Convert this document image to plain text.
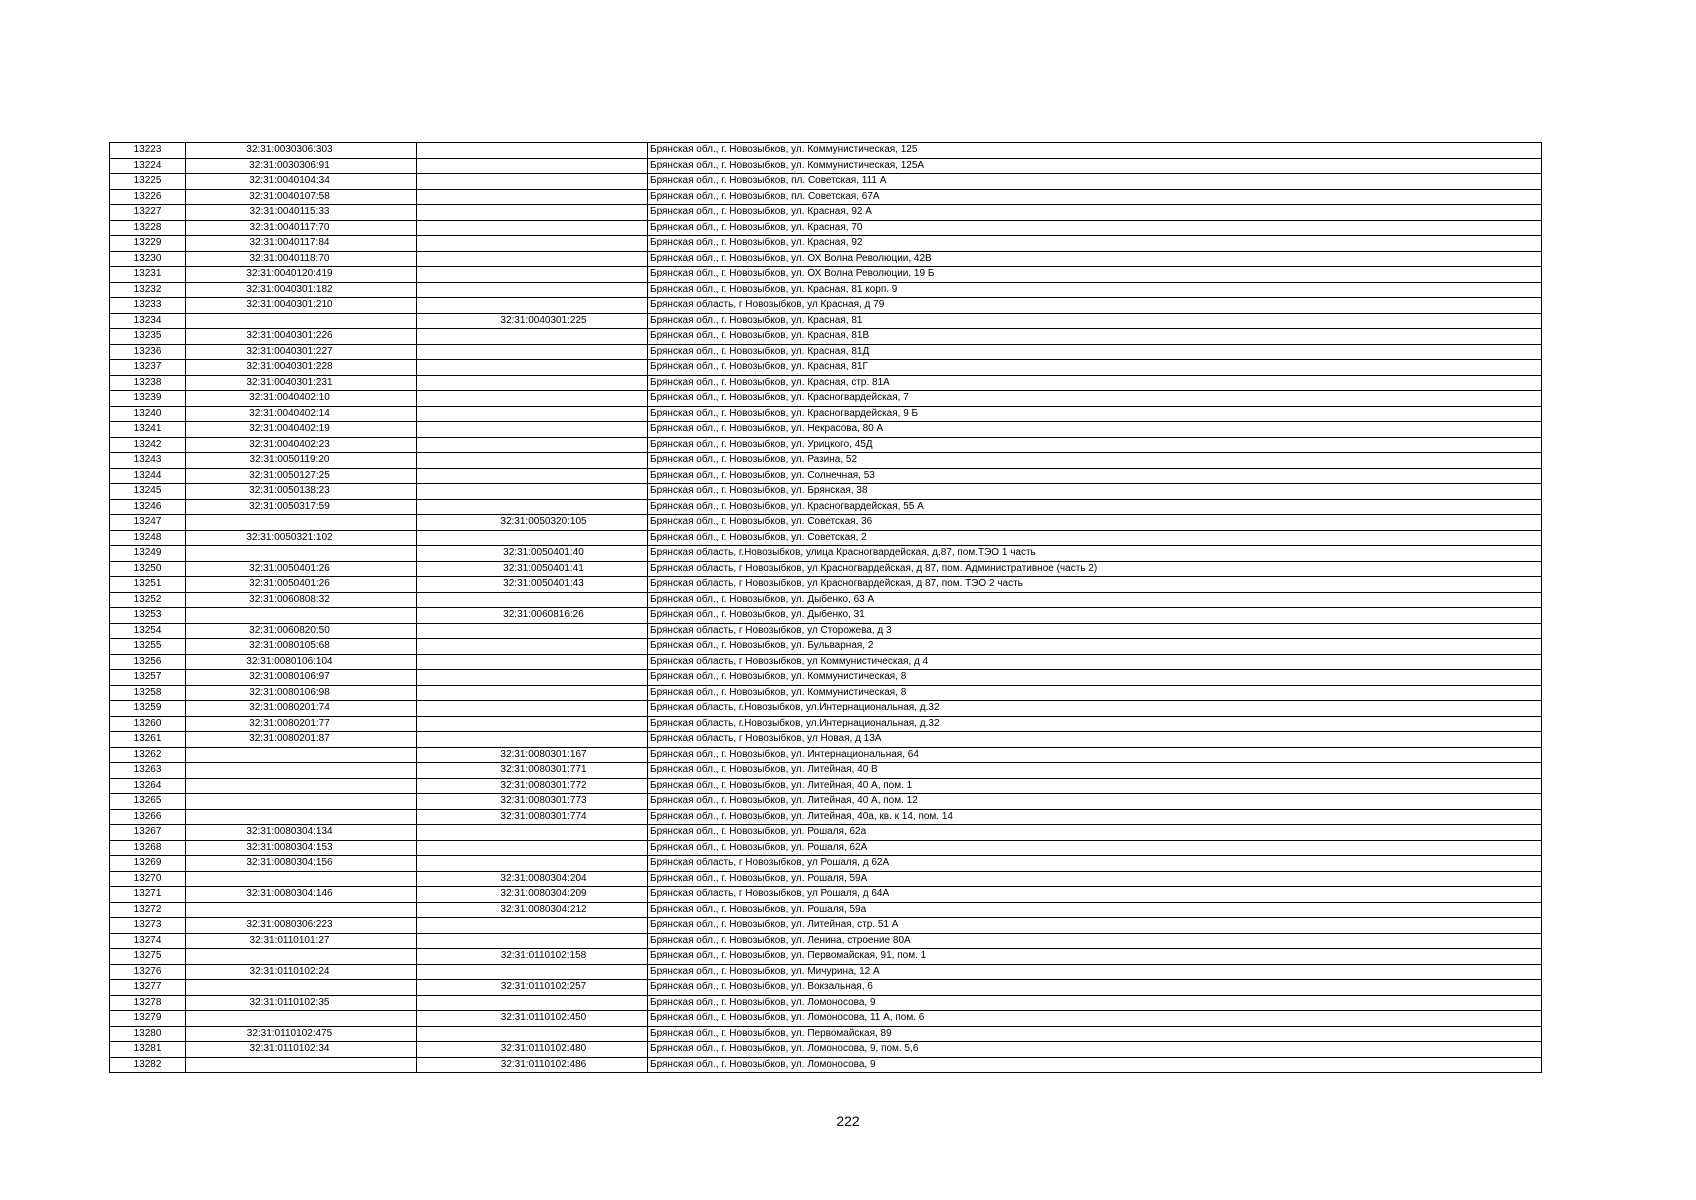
13223	32:31:0030306:303		Брянская обл., г. Новозыбков, ул. Коммунистическая, 125
13224	32:31:0030306:91		Брянская обл., г. Новозыбков, ул. Коммунистическая, 125А
13225	32:31:0040104:34		Брянская обл., г. Новозыбков, пл. Советская, 111 А
13226	32:31:0040107:58		Брянская обл., г. Новозыбков, пл. Советская, 67А
13227	32:31:0040115:33		Брянская обл., г. Новозыбков, ул. Красная, 92 А
13228	32:31:0040117:70		Брянская обл., г. Новозыбков, ул. Красная, 70
13229	32:31:0040117:84		Брянская обл., г. Новозыбков, ул. Красная, 92
13230	32:31:0040118:70		Брянская обл., г. Новозыбков, ул. ОХ Волна Революции, 42В
13231	32:31:0040120:419		Брянская обл., г. Новозыбков, ул. ОХ Волна Революции, 19 Б
13232	32:31:0040301:182		Брянская обл., г. Новозыбков, ул. Красная, 81 корп. 9
13233	32:31:0040301:210		Брянская область, г Новозыбков, ул Красная, д 79
13234		32:31:0040301:225	Брянская обл., г. Новозыбков, ул. Красная, 81
13235	32:31:0040301:226		Брянская обл., г. Новозыбков, ул. Красная, 81В
13236	32:31:0040301:227		Брянская обл., г. Новозыбков, ул. Красная, 81Д
13237	32:31:0040301:228		Брянская обл., г. Новозыбков, ул. Красная, 81Г
13238	32:31:0040301:231		Брянская обл., г. Новозыбков, ул. Красная, стр. 81А
13239	32:31:0040402:10		Брянская обл., г. Новозыбков, ул. Красногвардейская, 7
13240	32:31:0040402:14		Брянская обл., г. Новозыбков, ул. Красногвардейская, 9 Б
13241	32:31:0040402:19		Брянская обл., г. Новозыбков, ул. Некрасова, 80 А
13242	32:31:0040402:23		Брянская обл., г. Новозыбков, ул. Урицкого, 45Д
13243	32:31:0050119:20		Брянская обл., г. Новозыбков, ул. Разина, 52
13244	32:31:0050127:25		Брянская обл., г. Новозыбков, ул. Солнечная, 53
13245	32:31:0050138:23		Брянская обл., г. Новозыбков, ул. Брянская, 38
13246	32:31:0050317:59		Брянская обл., г. Новозыбков, ул. Красногвардейская, 55 А
13247		32:31:0050320:105	Брянская обл., г. Новозыбков, ул. Советская, 36
13248	32:31:0050321:102		Брянская обл., г. Новозыбков, ул. Советская, 2
13249		32:31:0050401:40	Брянская область, г.Новозыбков, улица Красногвардейская, д.87, пом.ТЭО 1 часть
13250	32:31:0050401:26	32:31:0050401:41	Брянская область, г Новозыбков, ул Красногвардейская, д 87, пом. Административное (часть 2)
13251	32:31:0050401:26	32:31:0050401:43	Брянская область, г Новозыбков, ул Красногвардейская, д 87, пом. ТЭО 2 часть
13252	32:31:0060808:32		Брянская обл., г. Новозыбков, ул. Дыбенко, 63 А
13253		32:31:0060816:26	Брянская обл., г. Новозыбков, ул. Дыбенко, 31
13254	32:31:0060820:50		Брянская область, г Новозыбков, ул Сторожева, д 3
13255	32:31:0080105:68		Брянская обл., г. Новозыбков, ул. Бульварная, 2
13256	32:31:0080106:104		Брянская область, г Новозыбков, ул Коммунистическая, д 4
13257	32:31:0080106:97		Брянская обл., г. Новозыбков, ул. Коммунистическая, 8
13258	32:31:0080106:98		Брянская обл., г. Новозыбков, ул. Коммунистическая, 8
13259	32:31:0080201:74		Брянская область, г.Новозыбков, ул.Интернациональная, д.32
13260	32:31:0080201:77		Брянская область, г.Новозыбков, ул.Интернациональная, д.32
13261	32:31:0080201:87		Брянская область, г Новозыбков, ул Новая, д 13А
13262		32:31:0080301:167	Брянская обл., г. Новозыбков, ул. Интернациональная, 64
13263		32:31:0080301:771	Брянская обл., г. Новозыбков, ул. Литейная, 40 В
13264		32:31:0080301:772	Брянская обл., г. Новозыбков, ул. Литейная, 40 А, пом. 1
13265		32:31:0080301:773	Брянская обл., г. Новозыбков, ул. Литейная, 40 А, пом. 12
13266		32:31:0080301:774	Брянская обл., г. Новозыбков, ул. Литейная, 40а, кв. к 14, пом. 14
13267	32:31:0080304:134		Брянская обл., г. Новозыбков, ул. Рошаля, 62а
13268	32:31:0080304:153		Брянская обл., г. Новозыбков, ул. Рошаля, 62А
13269	32:31:0080304:156		Брянская область, г Новозыбков, ул Рошаля, д 62А
13270		32:31:0080304:204	Брянская обл., г. Новозыбков, ул. Рошаля, 59А
13271	32:31:0080304:146	32:31:0080304:209	Брянская область, г Новозыбков, ул Рошаля, д 64А
13272		32:31:0080304:212	Брянская обл., г. Новозыбков, ул. Рошаля, 59а
13273	32:31:0080306:223		Брянская обл., г. Новозыбков, ул. Литейная, стр. 51 А
13274	32:31:0110101:27		Брянская обл., г. Новозыбков, ул. Ленина, строение 80А
13275		32:31:0110102:158	Брянская обл., г. Новозыбков, ул. Первомайская, 91, пом. 1
13276	32:31:0110102:24		Брянская обл., г. Новозыбков, ул. Мичурина, 12 А
13277		32:31:0110102:257	Брянская обл., г. Новозыбков, ул. Вокзальная, 6
13278	32:31:0110102:35		Брянская обл., г. Новозыбков, ул. Ломоносова, 9
13279		32:31:0110102:450	Брянская обл., г. Новозыбков, ул. Ломоносова, 11 А, пом. 6
13280	32:31:0110102:475		Брянская обл., г. Новозыбков, ул. Первомайская, 89
13281	32:31:0110102:34	32:31:0110102:480	Брянская обл., г. Новозыбков, ул. Ломоносова, 9, пом. 5,6
13282		32:31:0110102:486	Брянская обл., г. Новозыбков, ул. Ломоносова, 9
222
